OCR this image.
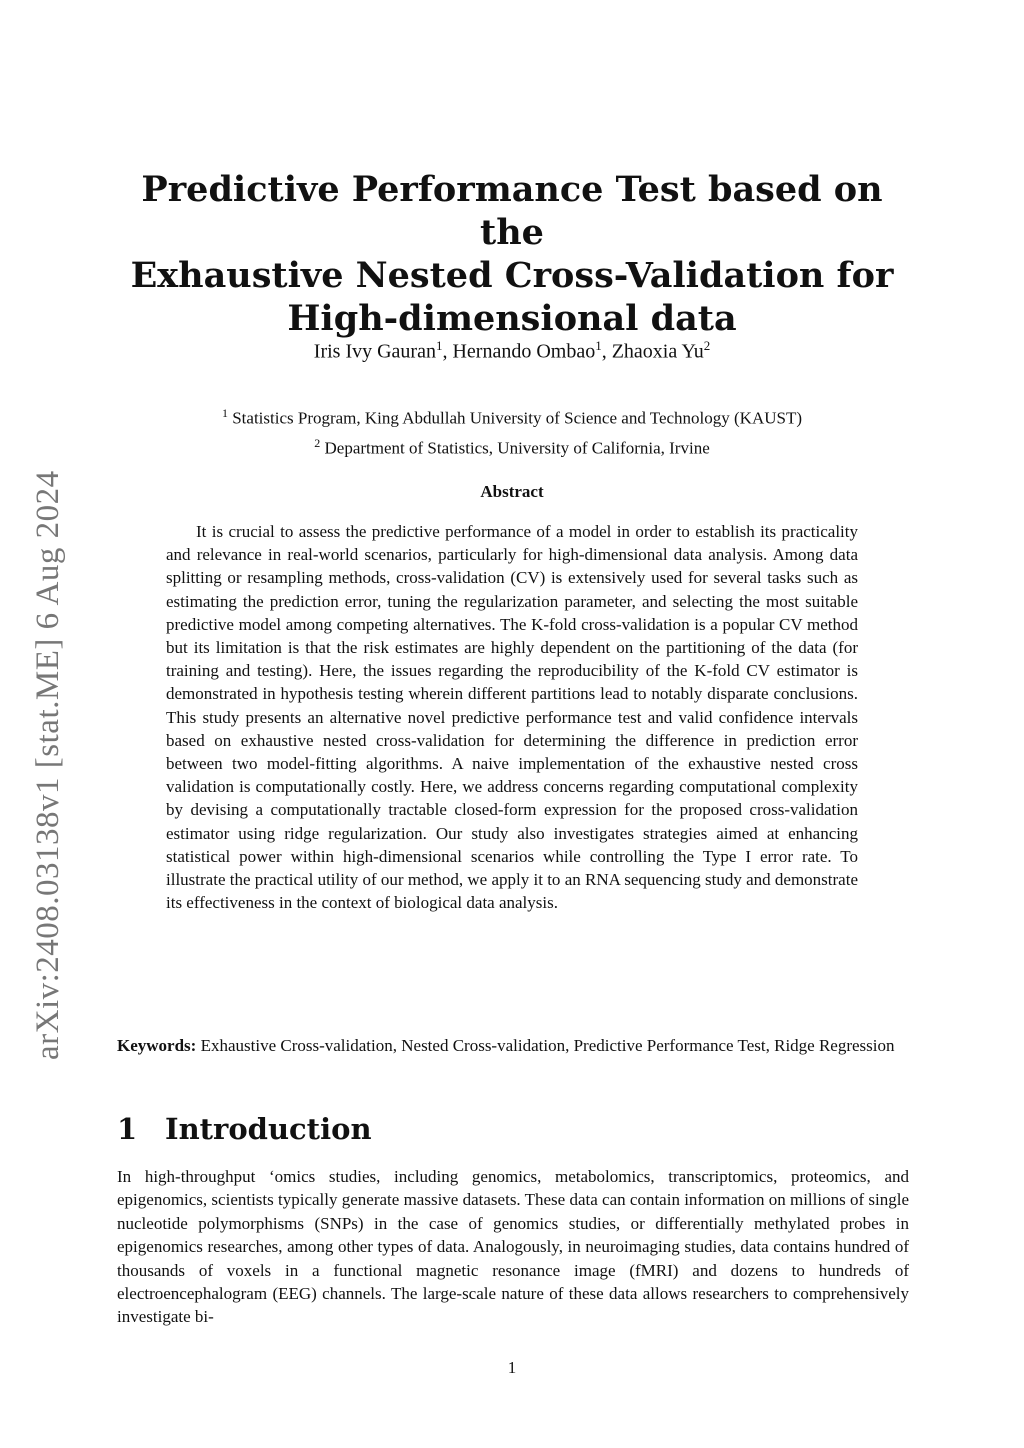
arXiv:2408.03138v1 [stat.ME] 6 Aug 2024
Predictive Performance Test based on the
Exhaustive Nested Cross-Validation for
High-dimensional data
Iris Ivy Gauran$^1$, Hernando Ombao$^1$, Zhaoxia Yu$^2$
$^1$ Statistics Program, King Abdullah University of Science and Technology (KAUST)
$^2$ Department of Statistics, University of California, Irvine
Abstract
It is crucial to assess the predictive performance of a model in order to establish its practicality and relevance in real-world scenarios, particularly for high-dimensional data analysis. Among data splitting or resampling methods, cross-validation (CV) is extensively used for several tasks such as estimating the prediction error, tuning the regularization parameter, and selecting the most suitable predictive model among competing alternatives. The K-fold cross-validation is a popular CV method but its limitation is that the risk estimates are highly dependent on the partitioning of the data (for training and testing). Here, the issues regarding the reproducibility of the K-fold CV estimator is demonstrated in hypothesis testing wherein different partitions lead to notably disparate conclusions. This study presents an alternative novel predictive performance test and valid confidence intervals based on exhaustive nested cross-validation for determining the difference in prediction error between two model-fitting algorithms. A naive implementation of the exhaustive nested cross validation is computationally costly. Here, we address concerns regarding computational complexity by devising a computationally tractable closed-form expression for the proposed cross-validation estimator using ridge regularization. Our study also investigates strategies aimed at enhancing statistical power within high-dimensional scenarios while controlling the Type I error rate. To illustrate the practical utility of our method, we apply it to an RNA sequencing study and demonstrate its effectiveness in the context of biological data analysis.
Keywords: Exhaustive Cross-validation, Nested Cross-validation, Predictive Performance Test, Ridge Regression
1 Introduction
In high-throughput ‘omics studies, including genomics, metabolomics, transcriptomics, proteomics, and epigenomics, scientists typically generate massive datasets. These data can contain information on millions of single nucleotide polymorphisms (SNPs) in the case of genomics studies, or differentially methylated probes in epigenomics researches, among other types of data. Analogously, in neuroimaging studies, data contains hundred of thousands of voxels in a functional magnetic resonance image (fMRI) and dozens to hundreds of electroencephalogram (EEG) channels. The large-scale nature of these data allows researchers to comprehensively investigate bi-
1
